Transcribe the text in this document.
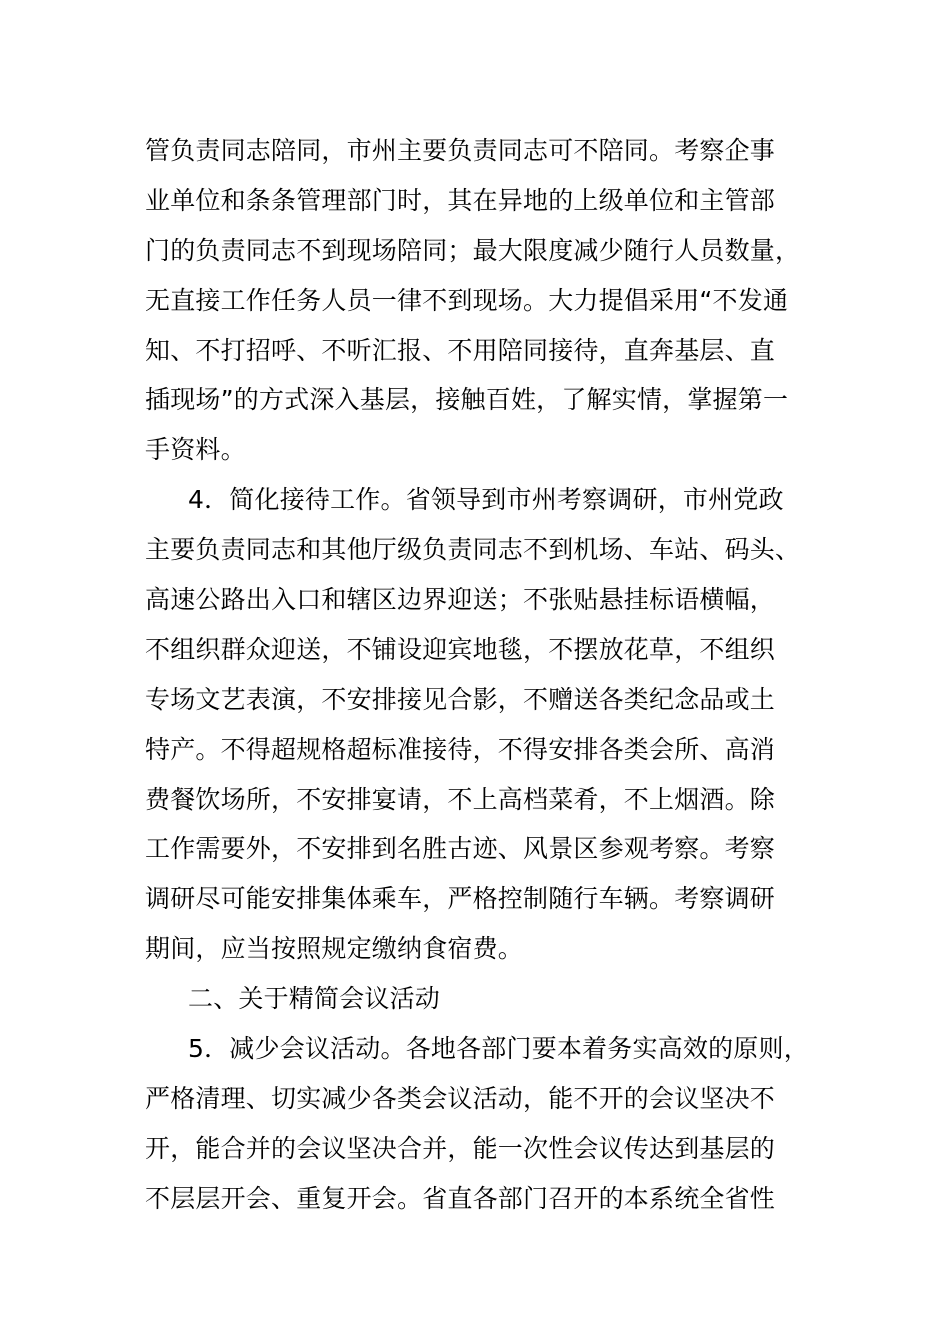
管负责同志陪同，市州主要负责同志可不陪同。考察企事
业单位和条条管理部门时，其在异地的上级单位和主管部
门的负责同志不到现场陪同；最大限度减少随行人员数量，
无直接工作任务人员一律不到现场。大力提倡采用“不发通
知、不打招呼、不听汇报、不用陪同接待，直奔基层、直
插现场”的方式深入基层，接触百姓，了解实情，掌握第一
手资料。
4．简化接待工作。省领导到市州考察调研，市州党政
主要负责同志和其他厅级负责同志不到机场、车站、码头、
高速公路出入口和辖区边界迎送；不张贴悬挂标语横幅，
不组织群众迎送，不铺设迎宾地毯，不摆放花草，不组织
专场文艺表演，不安排接见合影，不赠送各类纪念品或土
特产。不得超规格超标准接待，不得安排各类会所、高消
费餐饮场所，不安排宴请，不上高档菜肴，不上烟酒。除
工作需要外，不安排到名胜古迹、风景区参观考察。考察
调研尽可能安排集体乘车，严格控制随行车辆。考察调研
期间，应当按照规定缴纳食宿费。
二、关于精简会议活动
5．减少会议活动。各地各部门要本着务实高效的原则，
严格清理、切实减少各类会议活动，能不开的会议坚决不
开，能合并的会议坚决合并，能一次性会议传达到基层的
不层层开会、重复开会。省直各部门召开的本系统全省性
